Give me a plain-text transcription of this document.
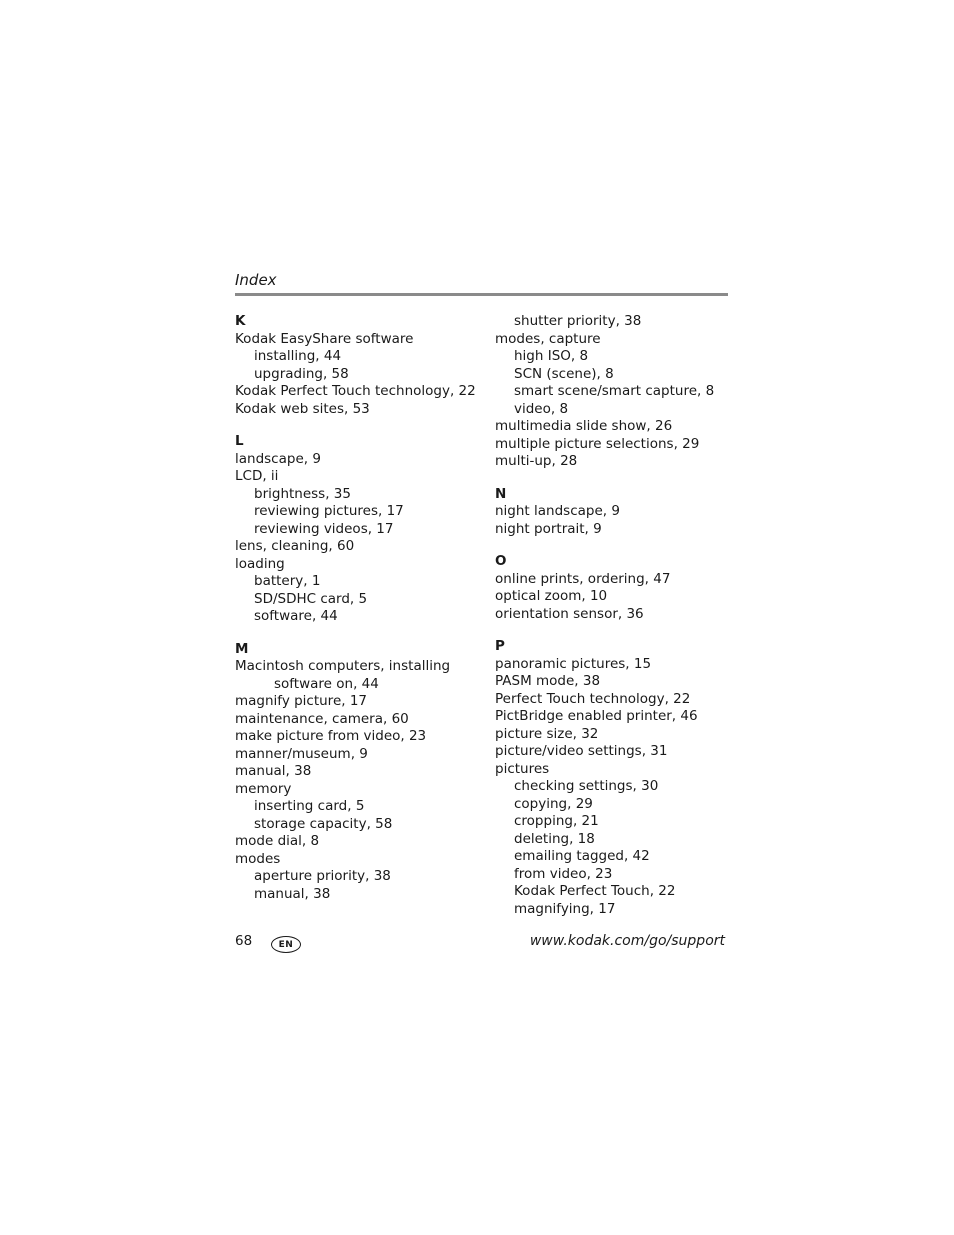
Index
K
Kodak EasyShare software
installing, 44
upgrading, 58
Kodak Perfect Touch technology, 22
Kodak web sites, 53
L
landscape, 9
LCD, ii
brightness, 35
reviewing pictures, 17
reviewing videos, 17
lens, cleaning, 60
loading
battery, 1
SD/SDHC card, 5
software, 44
M
Macintosh computers, installing
software on, 44
magnify picture, 17
maintenance, camera, 60
make picture from video, 23
manner/museum, 9
manual, 38
memory
inserting card, 5
storage capacity, 58
mode dial, 8
modes
aperture priority, 38
manual, 38
shutter priority, 38
modes, capture
high ISO, 8
SCN (scene), 8
smart scene/smart capture, 8
video, 8
multimedia slide show, 26
multiple picture selections, 29
multi-up, 28
N
night landscape, 9
night portrait, 9
O
online prints, ordering, 47
optical zoom, 10
orientation sensor, 36
P
panoramic pictures, 15
PASM mode, 38
Perfect Touch technology, 22
PictBridge enabled printer, 46
picture size, 32
picture/video settings, 31
pictures
checking settings, 30
copying, 29
cropping, 21
deleting, 18
emailing tagged, 42
from video, 23
Kodak Perfect Touch, 22
magnifying, 17
68	EN	www.kodak.com/go/support
